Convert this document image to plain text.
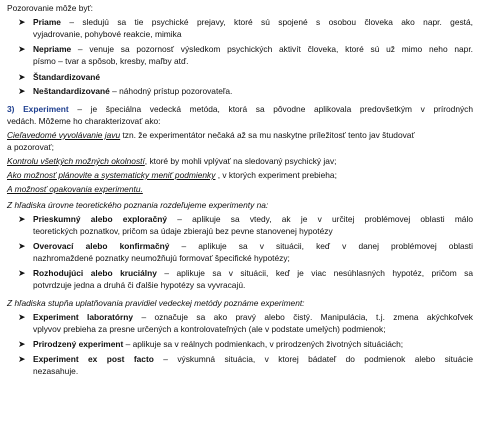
Pozorovanie môže byť:
➤ Priame – sledujú sa tie psychické prejavy, ktoré sú spojené s osobou človeka ako napr. gestá,
vyjadrovanie, pohybové reakcie, mimika
➤ Nepriame – venuje sa pozornosť výsledkom psychických aktivít človeka, ktoré sú už mimo neho napr.
písmo – tvar a spôsob, kresby, maľby atď.
➤ Štandardizované
➤ Neštandardizované – náhodný prístup pozorovateľa.
3) Experiment – je špeciálna vedecká metóda, ktorá sa pôvodne aplikovala predovšetkým v prírodných
vedách. Môžeme ho charakterizovať ako:
Cieľavedomé vyvolávanie javu tzn. že experimentátor nečaká až sa mu naskytne príležitosť tento jav študovať
a pozorovať;
Kontrolu všetkých možných okolností, ktoré by mohli vplývať na sledovaný psychický jav;
Ako možnosť plánovite a systematicky meniť podmienky , v ktorých experiment prebieha;
A možnosť opakovania experimentu.
Z hľadiska úrovne teoretického poznania rozdeľujeme experimenty na:
➤ Prieskumný alebo exploračný – aplikuje sa vtedy, ak je v určitej problémovej oblasti málo
teoretických poznatkov, pričom sa údaje zbierajú bez pevne stanovenej hypotézy
➤ Overovací alebo konfirmačný – aplikuje sa v situácii, keď v danej problémovej oblasti
nazhromaždené poznatky neumožňujú formovať špecifické hypotézy;
➤ Rozhodujúci alebo kruciálny – aplikuje sa v situácii, keď je viac nesúhlasných hypotéz, pričom sa
potvrdzuje jedna a druhá či ďalšie hypotézy sa vyvracajú.
Z hľadiska stupňa uplatňovania pravidiel vedeckej metódy poznáme experiment:
➤ Experiment laboratórny – označuje sa ako pravý alebo čistý. Manipulácia, t.j. zmena akýchkoľvek
vplyvov prebieha za presne určených a kontrolovateľných (ale v podstate umelých) podmienok;
➤ Prirodzený experiment – aplikuje sa v reálnych podmienkach, v prirodzených životných situáciách;
➤ Experiment ex post facto – výskumná situácia, v ktorej bádateľ do podmienok alebo situácie
nezasahuje.
